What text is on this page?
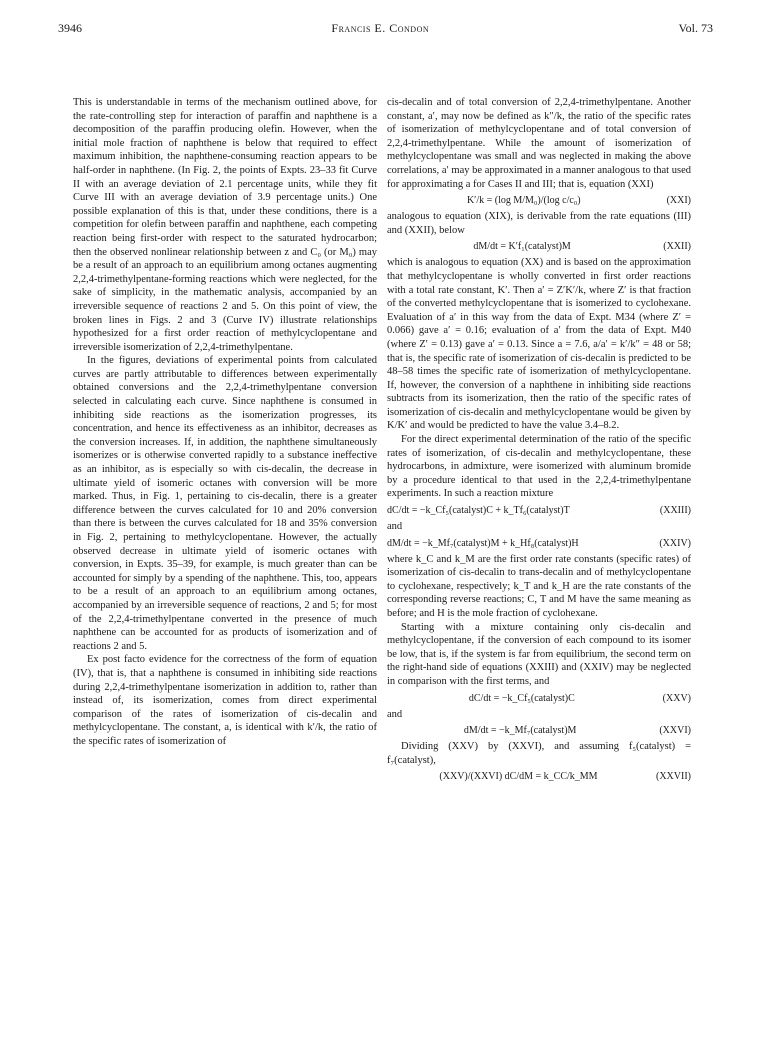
3946	Francis E. Condon	Vol. 73

This is understandable in terms of the mechanism outlined above, for the rate-controlling step for interaction of paraffin and naphthene is a decomposition of the paraffin producing olefin. However, when the initial mole fraction of naphthene is below that required to effect maximum inhibition, the naphthene-consuming reaction appears to be half-order in naphthene. (In Fig. 2, the points of Expts. 23–33 fit Curve II with an average deviation of 2.1 percentage units, while they fit Curve III with an average deviation of 3.9 percentage units.) One possible explanation of this is that, under these conditions, there is a competition for olefin between paraffin and naphthene, each competing reaction being first-order with respect to the saturated hydrocarbon; then the observed nonlinear relationship between z and C₀ (or M₀) may be a result of an approach to an equilibrium among octanes augmenting 2,2,4-trimethylpentane-forming reactions which were neglected, for the sake of simplicity, in the mathematic analysis, accompanied by an irreversible sequence of reactions 2 and 5. On this point of view, the broken lines in Figs. 2 and 3 (Curve IV) illustrate relationships hypothesized for a first order reaction of methylcyclopentane and irreversible isomerization of 2,2,4-trimethylpentane.

In the figures, deviations of experimental points from calculated curves are partly attributable to differences between experimentally obtained conversions and the 2,2,4-trimethylpentane conversion selected in calculating each curve. Since naphthene is consumed in inhibiting side reactions as the isomerization progresses, its concentration, and hence its effectiveness as an inhibitor, decreases as the conversion increases. If, in addition, the naphthene simultaneously isomerizes or is otherwise converted rapidly to a substance ineffective as an inhibitor, as is especially so with cis-decalin, the decrease in ultimate yield of isomeric octanes with conversion will be more marked. Thus, in Fig. 1, pertaining to cis-decalin, there is a greater difference between the curves calculated for 10 and 20% conversion than there is between the curves calculated for 18 and 35% conversion in Fig. 2, pertaining to methylcyclopentane. However, the actually observed decrease in ultimate yield of isomeric octanes with conversion, in Expts. 35–39, for example, is much greater than can be accounted for simply by a spending of the naphthene. This, too, appears to be a result of an approach to an equilibrium among octanes, accompanied by an irreversible sequence of reactions, 2 and 5; for most of the 2,2,4-trimethylpentane converted in the presence of much naphthene can be accounted for as products of isomerization and of reactions 2 and 5.

Ex post facto evidence for the correctness of the form of equation (IV), that is, that a naphthene is consumed in inhibiting side reactions during 2,2,4-trimethylpentane isomerization in addition to, rather than instead of, its isomerization, comes from direct experimental comparison of the rates of isomerization of cis-decalin and methylcyclopentane. The constant, a, is identical with k′/k, the ratio of the specific rates of isomerization of

cis-decalin and of total conversion of 2,2,4-trimethylpentane. Another constant, a′, may now be defined as k″/k, the ratio of the specific rates of isomerization of methylcyclopentane and of total conversion of 2,2,4-trimethylpentane. While the amount of isomerization of methylcyclopentane was small and was neglected in making the above correlations, a′ may be approximated in a manner analogous to that used for approximating a for Cases II and III; that is, equation (XXI)

K′/k = (log M/M₀)/(log c/c₀)	(XXI)

analogous to equation (XIX), is derivable from the rate equations (III) and (XXII), below

dM/dt = K′f₁(catalyst)M	(XXII)

which is analogous to equation (XX) and is based on the approximation that methylcyclopentane is wholly converted in first order reactions with a total rate constant, K′. Then a′ = Z′K′/k, where Z′ is that fraction of the converted methylcyclopentane that is isomerized to cyclohexane. Evaluation of a′ in this way from the data of Expt. M34 (where Z′ = 0.066) gave a′ = 0.16; evaluation of a′ from the data of Expt. M40 (where Z′ = 0.13) gave a′ = 0.13. Since a = 7.6, a/a′ = k′/k″ = 48 or 58; that is, the specific rate of isomerization of cis-decalin is predicted to be 48–58 times the specific rate of isomerization of methylcyclopentane. If, however, the conversion of a naphthene in inhibiting side reactions subtracts from its isomerization, then the ratio of the specific rates of isomerization of cis-decalin and methylcyclopentane would be given by K/K′ and would be predicted to have the value 3.4–8.2.

For the direct experimental determination of the ratio of the specific rates of isomerization, of cis-decalin and methylcyclopentane, these hydrocarbons, in admixture, were isomerized with aluminum bromide by a procedure identical to that used in the 2,2,4-trimethylpentane experiments. In such a reaction mixture

dC/dt = −k_Cf₅(catalyst)C + k_Tf₆(catalyst)T	(XXIII)
and
dM/dt = −k_Mf₇(catalyst)M + k_Hf₈(catalyst)H	(XXIV)

where k_C and k_M are the first order rate constants (specific rates) of isomerization of cis-decalin to trans-decalin and of methylcyclopentane to cyclohexane, respectively; k_T and k_H are the rate constants of the corresponding reverse reactions; C, T and M have the same meaning as before; and H is the mole fraction of cyclohexane.

Starting with a mixture containing only cis-decalin and methylcyclopentane, if the conversion of each compound to its isomer be low, that is, if the system is far from equilibrium, the second term on the right-hand side of equations (XXIII) and (XXIV) may be neglected in comparison with the first terms, and

dC/dt = −k_Cf₅(catalyst)C	(XXV)
and
dM/dt = −k_Mf₇(catalyst)M	(XXVI)

Dividing (XXV) by (XXVI), and assuming f₅(catalyst) = f₇(catalyst),

(XXV)/(XXVI) dC/dM = k_CC/k_MM	(XXVII)
